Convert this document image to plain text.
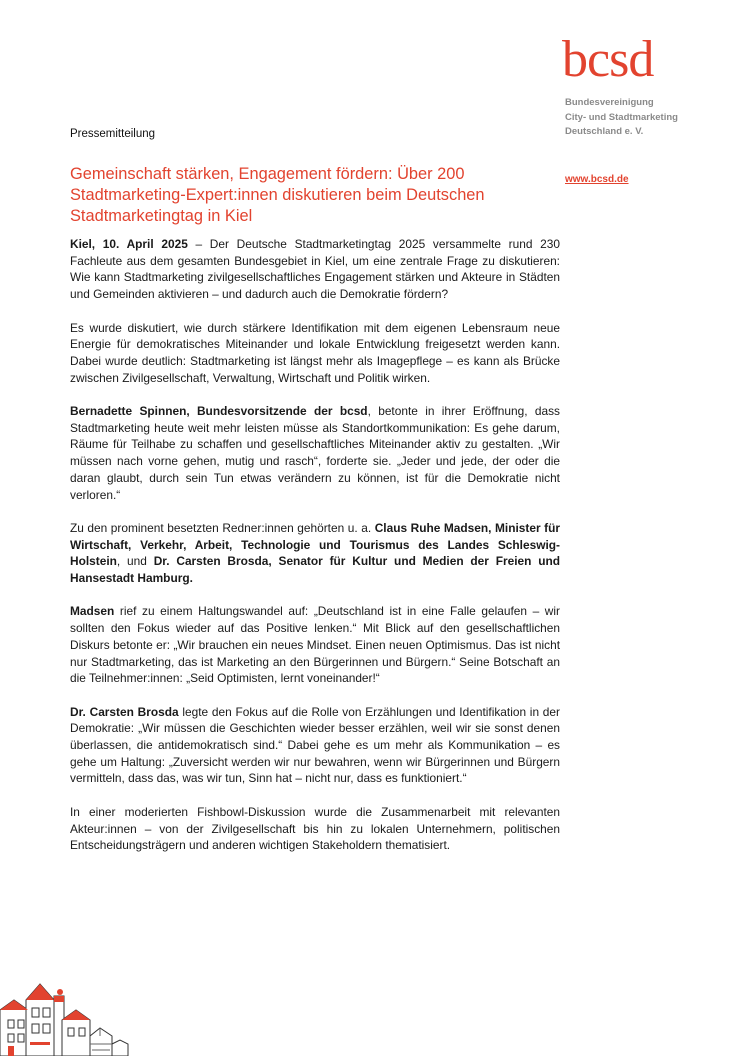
bcsd
Bundesvereinigung
City- und Stadtmarketing
Deutschland e. V.
www.bcsd.de
Pressemitteilung
Gemeinschaft stärken, Engagement fördern: Über 200 Stadtmarketing-Expert:innen diskutieren beim Deutschen Stadtmarketingtag in Kiel

Kiel, 10. April 2025 – Der Deutsche Stadtmarketingtag 2025 versammelte rund 230 Fachleute aus dem gesamten Bundesgebiet in Kiel, um eine zentrale Frage zu diskutieren: Wie kann Stadtmarketing zivilgesellschaftliches Engagement stärken und Akteure in Städten und Gemeinden aktivieren – und dadurch auch die Demokratie fördern?

Es wurde diskutiert, wie durch stärkere Identifikation mit dem eigenen Lebensraum neue Energie für demokratisches Miteinander und lokale Entwicklung freigesetzt werden kann. Dabei wurde deutlich: Stadtmarketing ist längst mehr als Imagepflege – es kann als Brücke zwischen Zivilgesellschaft, Verwaltung, Wirtschaft und Politik wirken.

Bernadette Spinnen, Bundesvorsitzende der bcsd, betonte in ihrer Eröffnung, dass Stadtmarketing heute weit mehr leisten müsse als Standortkommunikation: Es gehe darum, Räume für Teilhabe zu schaffen und gesellschaftliches Miteinander aktiv zu gestalten. „Wir müssen nach vorne gehen, mutig und rasch“, forderte sie. „Jeder und jede, der oder die daran glaubt, durch sein Tun etwas verändern zu können, ist für die Demokratie nicht verloren.“

Zu den prominent besetzten Redner:innen gehörten u. a. Claus Ruhe Madsen, Minister für Wirtschaft, Verkehr, Arbeit, Technologie und Tourismus des Landes Schleswig-Holstein, und Dr. Carsten Brosda, Senator für Kultur und Medien der Freien und Hansestadt Hamburg.

Madsen rief zu einem Haltungswandel auf: „Deutschland ist in eine Falle gelaufen – wir sollten den Fokus wieder auf das Positive lenken.“ Mit Blick auf den gesellschaftlichen Diskurs betonte er: „Wir brauchen ein neues Mindset. Einen neuen Optimismus. Das ist nicht nur Stadtmarketing, das ist Marketing an den Bürgerinnen und Bürgern.“ Seine Botschaft an die Teilnehmer:innen: „Seid Optimisten, lernt voneinander!“

Dr. Carsten Brosda legte den Fokus auf die Rolle von Erzählungen und Identifikation in der Demokratie: „Wir müssen die Geschichten wieder besser erzählen, weil wir sie sonst denen überlassen, die antidemokratisch sind.“ Dabei gehe es um mehr als Kommunikation – es gehe um Haltung: „Zuversicht werden wir nur bewahren, wenn wir Bürgerinnen und Bürgern vermitteln, dass das, was wir tun, Sinn hat – nicht nur, dass es funktioniert.“

In einer moderierten Fishbowl-Diskussion wurde die Zusammenarbeit mit relevanten Akteur:innen – von der Zivilgesellschaft bis hin zu lokalen Unternehmern, politischen Entscheidungsträgern und anderen wichtigen Stakeholdern thematisiert.
